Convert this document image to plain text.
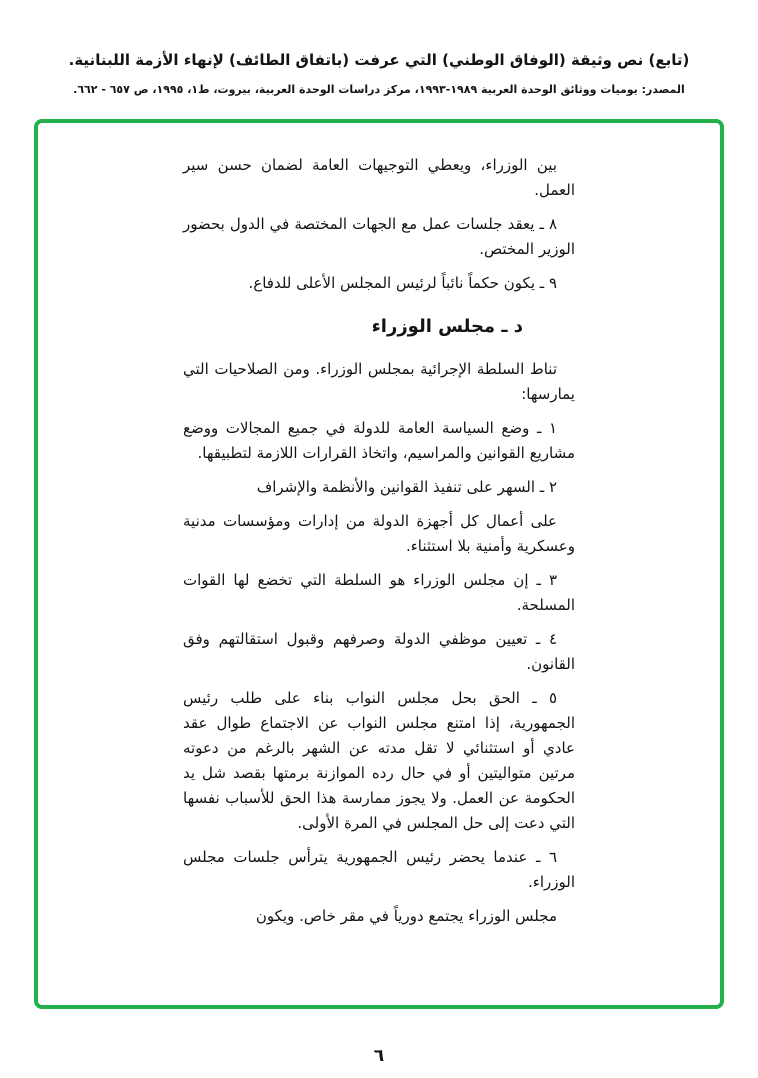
(تابع) نص وثيقة (الوفاق الوطني) التي عرفت (باتفاق الطائف) لإنهاء الأزمة اللبنانية.

المصدر: يوميات ووثائق الوحدة العربية ١٩٨٩-١٩٩٣، مركز دراسات الوحدة العربية، بيروت، ط١، ١٩٩٥، ص ٦٥٧ - ٦٦٢.

بين الوزراء، ويعطي التوجيهات العامة لضمان حسن سير العمل.

٨ ـ يعقد جلسات عمل مع الجهات المختصة في الدول بحضور الوزير المختص.

٩ ـ يكون حكماً نائباً لرئيس المجلس الأعلى للدفاع.

د ـ مجلس الوزراء

تناط السلطة الإجرائية بمجلس الوزراء. ومن الصلاحيات التي يمارسها:

١ ـ وضع السياسة العامة للدولة في جميع المجالات ووضع مشاريع القوانين والمراسيم، واتخاذ القرارات اللازمة لتطبيقها.

٢ ـ السهر على تنفيذ القوانين والأنظمة والإشراف

على أعمال كل أجهزة الدولة من إدارات ومؤسسات مدنية وعسكرية وأمنية بلا استثناء.

٣ ـ إن مجلس الوزراء هو السلطة التي تخضع لها القوات المسلحة.

٤ ـ تعيين موظفي الدولة وصرفهم وقبول استقالتهم وفق القانون.

٥ ـ الحق بحل مجلس النواب بناء على طلب رئيس الجمهورية، إذا امتنع مجلس النواب عن الاجتماع طوال عقد عادي أو استثنائي لا تقل مدته عن الشهر بالرغم من دعوته مرتين متواليتين أو في حال رده الموازنة برمتها بقصد شل يد الحكومة عن العمل. ولا يجوز ممارسة هذا الحق للأسباب نفسها التي دعت إلى حل المجلس في المرة الأولى.

٦ ـ عندما يحضر رئيس الجمهورية يترأس جلسات مجلس الوزراء.

مجلس الوزراء يجتمع دورياً في مقر خاص. ويكون

٦
